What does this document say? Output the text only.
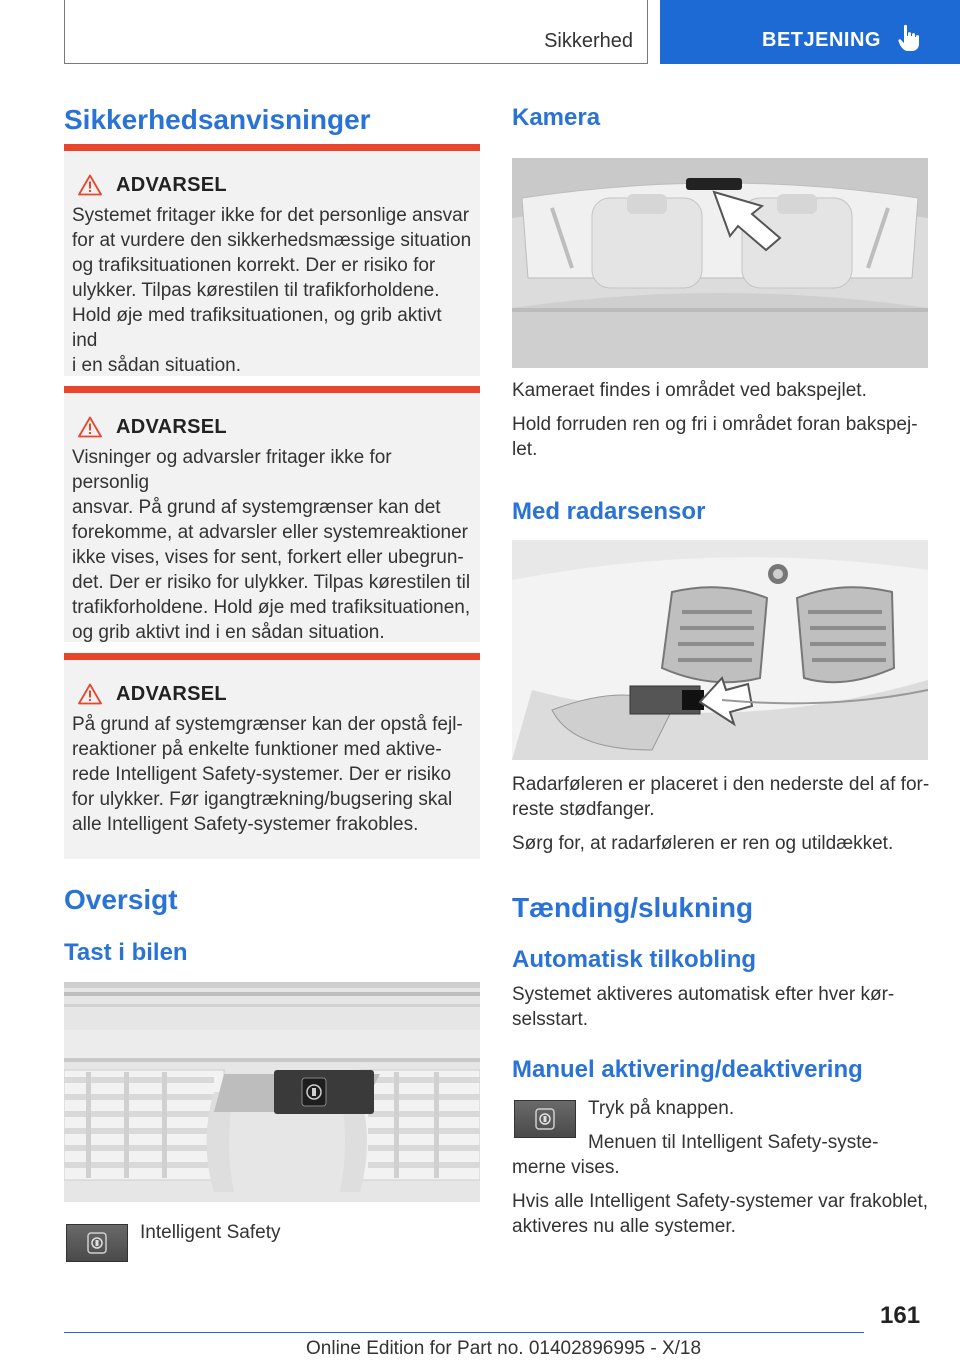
Sikkerhed	BETJENING
Sikkerhedsanvisninger
ADVARSEL
Systemet fritager ikke for det personlige ansvar
for at vurdere den sikkerhedsmæssige situation
og trafiksituationen korrekt. Der er risiko for
ulykker. Tilpas kørestilen til trafikforholdene.
Hold øje med trafiksituationen, og grib aktivt ind
i en sådan situation.
ADVARSEL
Visninger og advarsler fritager ikke for personlig
ansvar. På grund af systemgrænser kan det
forekomme, at advarsler eller systemreaktioner
ikke vises, vises for sent, forkert eller ubegrun-
det. Der er risiko for ulykker. Tilpas kørestilen til
trafikforholdene. Hold øje med trafiksituationen,
og grib aktivt ind i en sådan situation.
ADVARSEL
På grund af systemgrænser kan der opstå fejl-
reaktioner på enkelte funktioner med aktive-
rede Intelligent Safety-systemer. Der er risiko
for ulykker. Før igangtrækning/bugsering skal
alle Intelligent Safety-systemer frakobles.
Oversigt
Tast i bilen
Intelligent Safety
Kamera
Kameraet findes i området ved bakspejlet.
Hold forruden ren og fri i området foran bakspej-
let.
Med radarsensor
Radarføleren er placeret i den nederste del af for-
reste stødfanger.
Sørg for, at radarføleren er ren og utildækket.
Tænding/slukning
Automatisk tilkobling
Systemet aktiveres automatisk efter hver kør-
selsstart.
Manuel aktivering/deaktivering
Tryk på knappen.
Menuen til Intelligent Safety-syste-
merne vises.
Hvis alle Intelligent Safety-systemer var frakoblet,
aktiveres nu alle systemer.
161
Online Edition for Part no. 01402896995 - X/18
